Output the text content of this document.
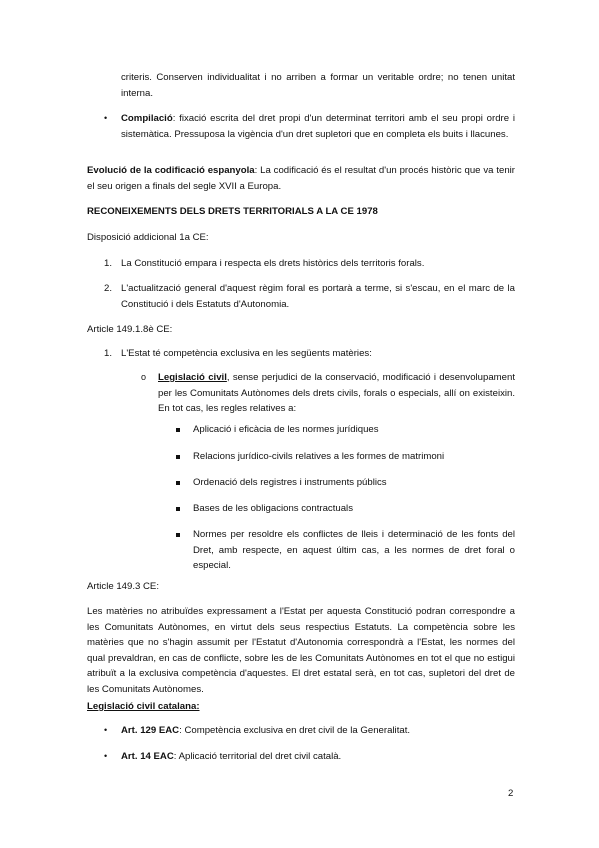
criteris. Conserven individualitat i no arriben a formar un veritable ordre; no tenen unitat interna.

• Compilació: fixació escrita del dret propi d'un determinat territori amb el seu propi ordre i sistemàtica. Pressuposa la vigència d'un dret supletori que en completa els buits i llacunes.

Evolució de la codificació espanyola: La codificació és el resultat d'un procés històric que va tenir el seu origen a finals del segle XVII a Europa.

RECONEIXEMENTS DELS DRETS TERRITORIALS A LA CE 1978

Disposició addicional 1a CE:

1. La Constitució empara i respecta els drets històrics dels territoris forals.

2. L'actualització general d'aquest règim foral es portarà a terme, si s'escau, en el marc de la Constitució i dels Estatuts d'Autonomia.

Article 149.1.8è CE:

1. L'Estat té competència exclusiva en les següents matèries:

o Legislació civil, sense perjudici de la conservació, modificació i desenvolupament per les Comunitats Autònomes dels drets civils, forals o especials, allí on existeixin. En tot cas, les regles relatives a:

Aplicació i eficàcia de les normes jurídiques

Relacions jurídico-civils relatives a les formes de matrimoni

Ordenació dels registres i instruments públics

Bases de les obligacions contractuals

Normes per resoldre els conflictes de lleis i determinació de les fonts del Dret, amb respecte, en aquest últim cas, a les normes de dret foral o especial.

Article 149.3 CE:

Les matèries no atribuïdes expressament a l'Estat per aquesta Constitució podran correspondre a les Comunitats Autònomes, en virtut dels seus respectius Estatuts. La competència sobre les matèries que no s'hagin assumit per l'Estatut d'Autonomia correspondrà a l'Estat, les normes del qual prevaldran, en cas de conflicte, sobre les de les Comunitats Autònomes en tot el que no estigui atribuït a la exclusiva competència d'aquestes. El dret estatal serà, en tot cas, supletori del dret de les Comunitats Autònomes.

Legislació civil catalana:

• Art. 129 EAC: Competència exclusiva en dret civil de la Generalitat.

• Art. 14 EAC: Aplicació territorial del dret civil català.

2
